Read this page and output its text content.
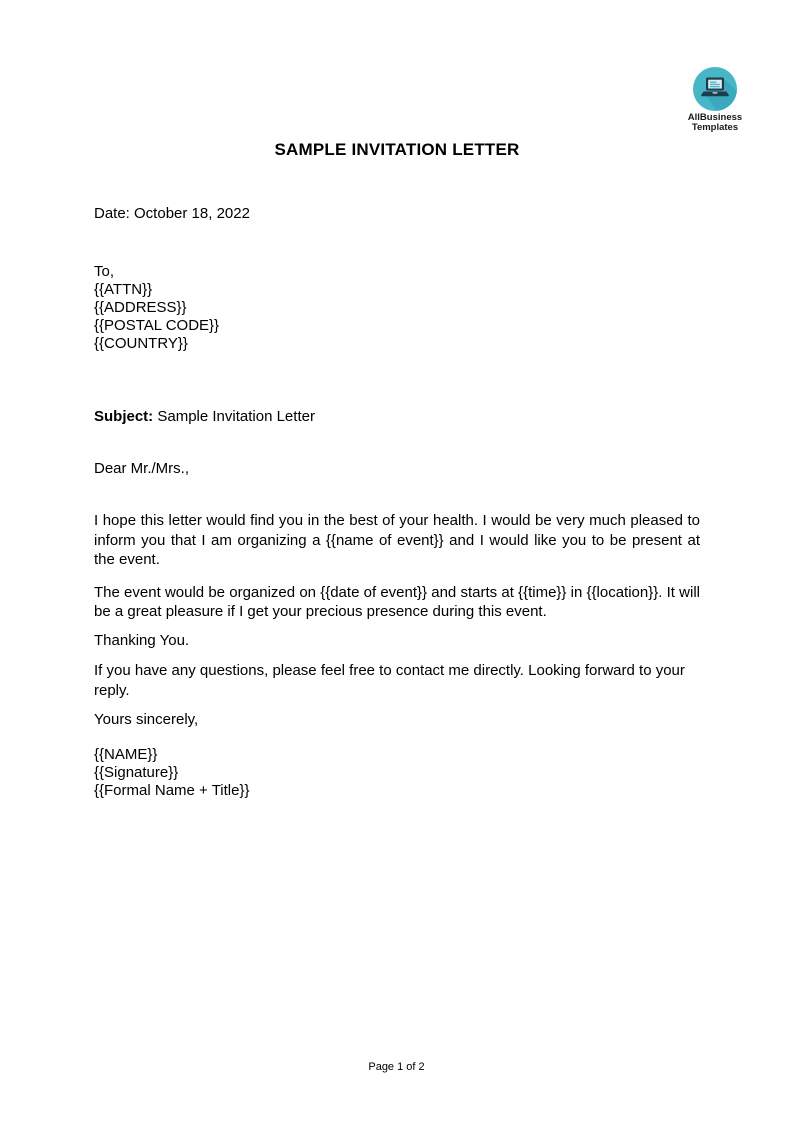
AllBusiness
Templates
SAMPLE INVITATION LETTER

Date: October 18, 2022

To,
{{ATTN}}
{{ADDRESS}}
{{POSTAL CODE}}
{{COUNTRY}}

Subject: Sample Invitation Letter

Dear Mr./Mrs.,

I hope this letter would find you in the best of your health. I would be very much pleased to inform you that I am organizing a {{name of event}} and I would like you to be present at the event.

The event would be organized on {{date of event}} and starts at {{time}} in {{location}}. It will be a great pleasure if I get your precious presence during this event.

Thanking You.

If you have any questions, please feel free to contact me directly. Looking forward to your reply.

Yours sincerely,

{{NAME}}
{{Signature}}
{{Formal Name + Title}}
Page 1 of 2
